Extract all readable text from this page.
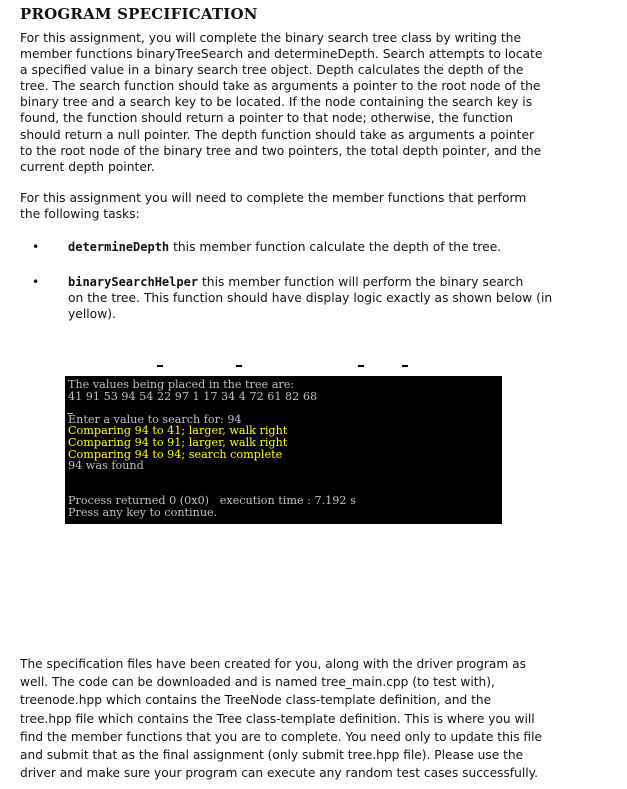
PROGRAM SPECIFICATION
For this assignment, you will complete the binary search tree class by writing the
member functions binaryTreeSearch and determineDepth. Search attempts to locate
a specified value in a binary search tree object. Depth calculates the depth of the
tree. The search function should take as arguments a pointer to the root node of the
binary tree and a search key to be located. If the node containing the search key is
found, the function should return a pointer to that node; otherwise, the function
should return a null pointer. The depth function should take as arguments a pointer
to the root node of the binary tree and two pointers, the total depth pointer, and the
current depth pointer.
For this assignment you will need to complete the member functions that perform
the following tasks:
• determineDepth this member function calculate the depth of the tree.
• binarySearchHelper this member function will perform the binary search
on the tree. This function should have display logic exactly as shown below (in
yellow).
The values being placed in the tree are:
41 91 53 94 54 22 97 1 17 34 4 72 61 82 68
Enter a value to search for: 94
Comparing 94 to 41; larger, walk right
Comparing 94 to 91; larger, walk right
Comparing 94 to 94; search complete
94 was found
Process returned 0 (0x0)   execution time : 7.192 s
Press any key to continue.
The specification files have been created for you, along with the driver program as
well. The code can be downloaded and is named tree_main.cpp (to test with),
treenode.hpp which contains the TreeNode class-template definition, and the
tree.hpp file which contains the Tree class-template definition. This is where you will
find the member functions that you are to complete. You need only to update this file
and submit that as the final assignment (only submit tree.hpp file). Please use the
driver and make sure your program can execute any random test cases successfully.
